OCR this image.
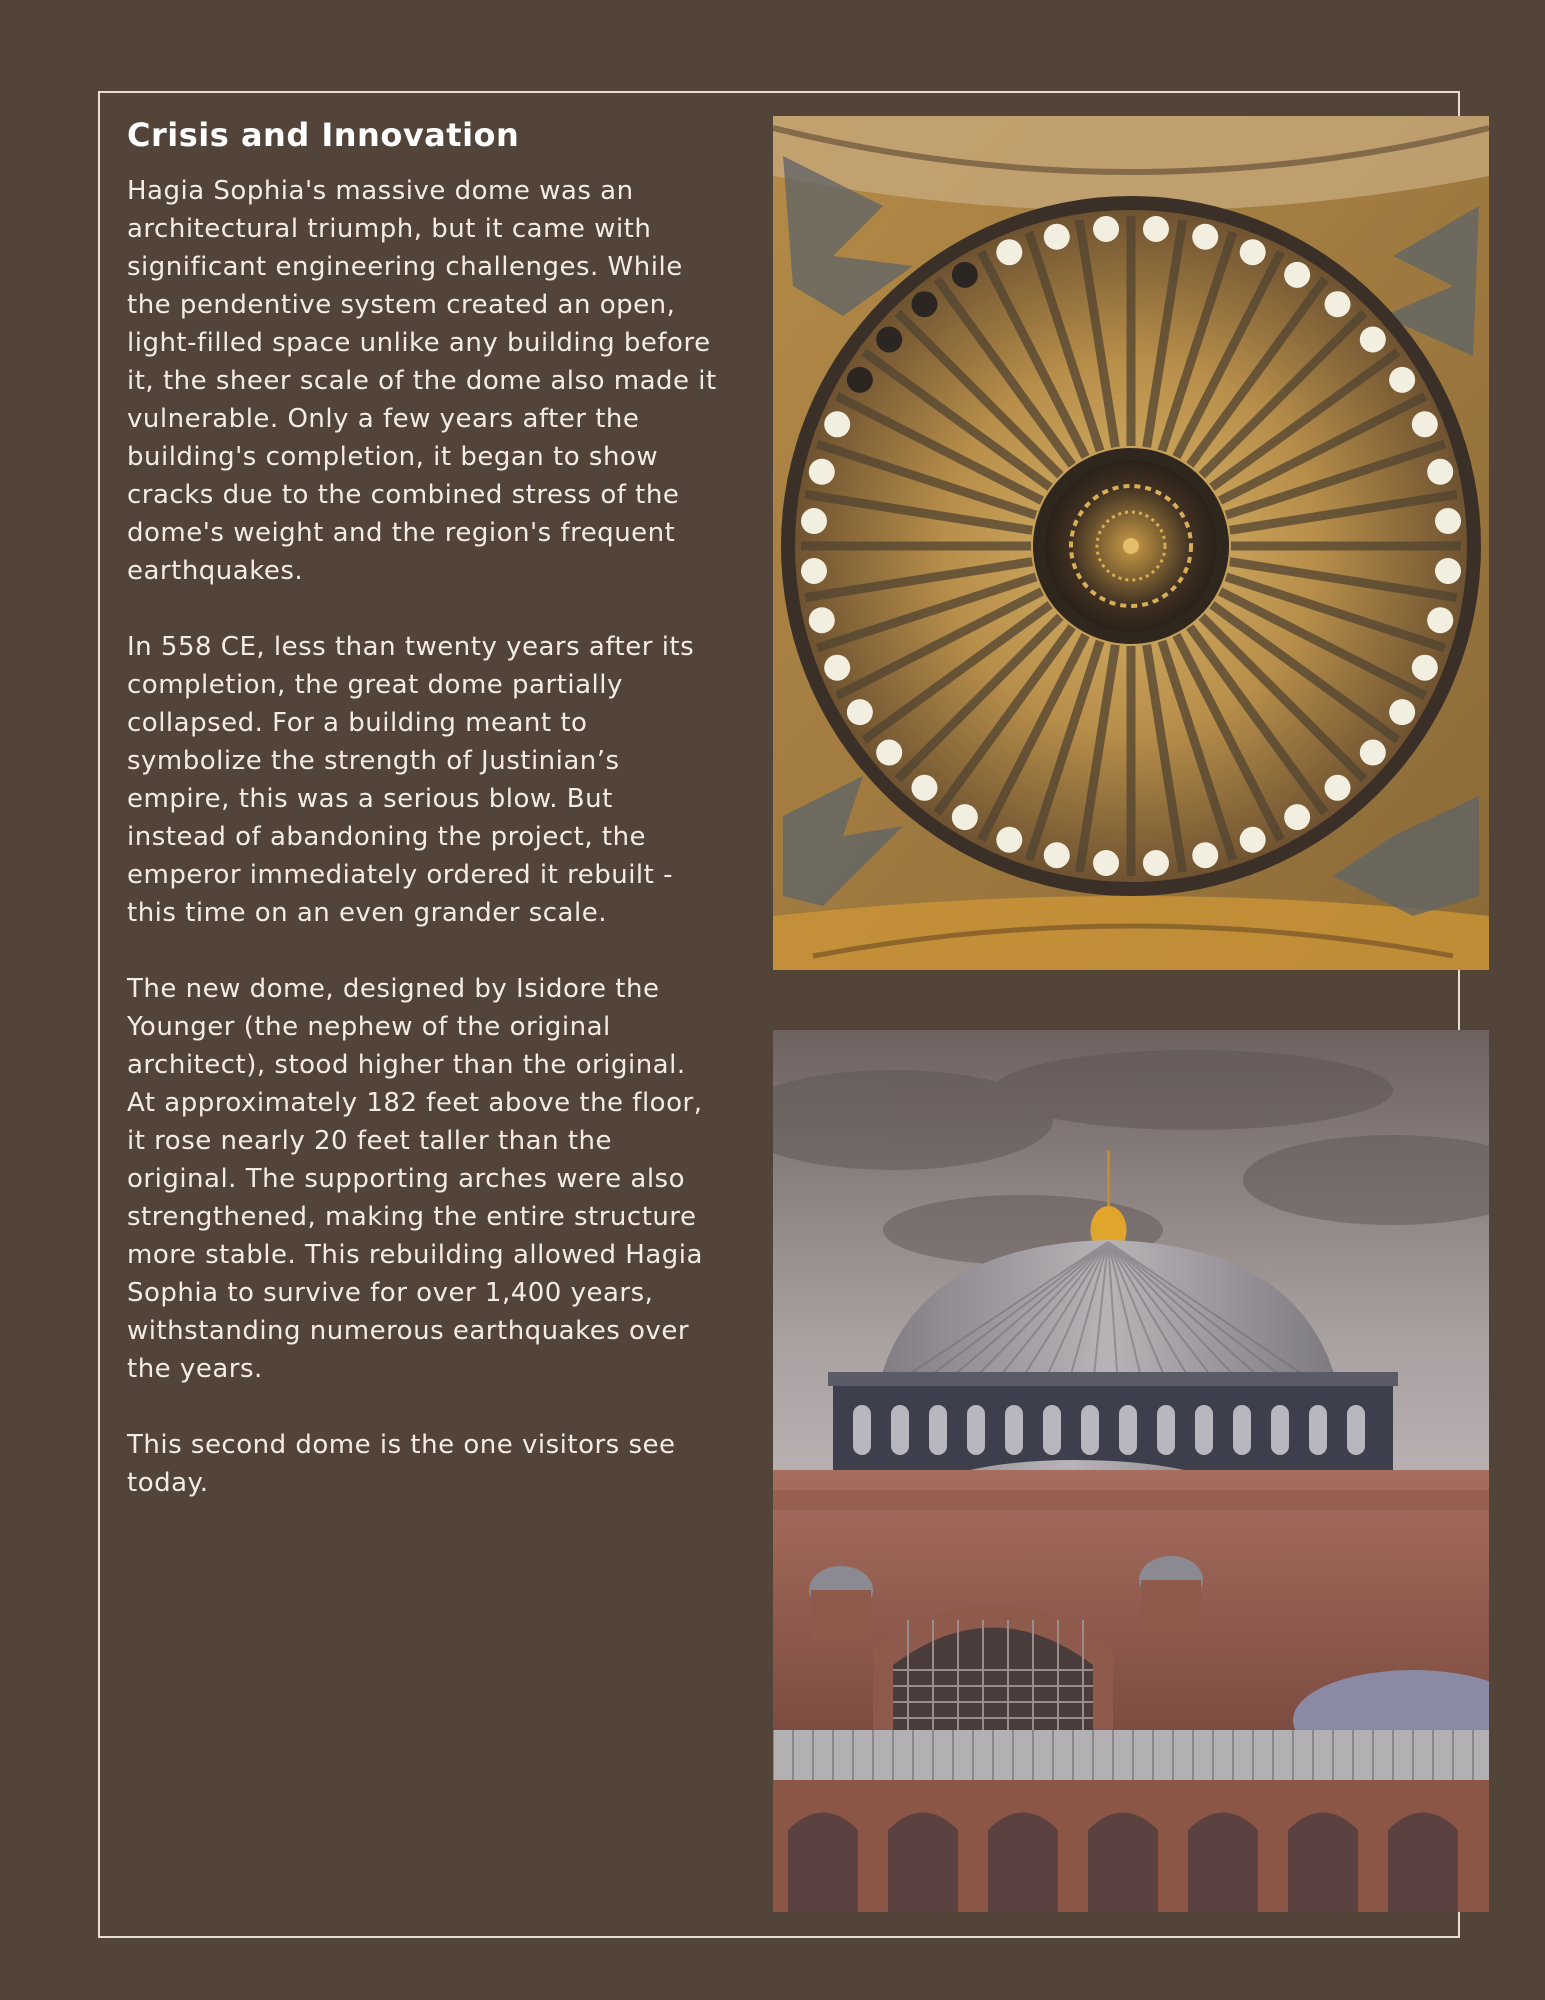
Crisis and Innovation

Hagia Sophia's massive dome was an architectural triumph, but it came with significant engineering challenges. While the pendentive system created an open, light-filled space unlike any building before it, the sheer scale of the dome also made it vulnerable. Only a few years after the building's completion, it began to show cracks due to the combined stress of the dome's weight and the region's frequent earthquakes.

In 558 CE, less than twenty years after its completion, the great dome partially collapsed. For a building meant to symbolize the strength of Justinian’s empire, this was a serious blow. But instead of abandoning the project, the emperor immediately ordered it rebuilt - this time on an even grander scale.

The new dome, designed by Isidore the Younger (the nephew of the original architect), stood higher than the original. At approximately 182 feet above the floor, it rose nearly 20 feet taller than the original. The supporting arches were also strengthened, making the entire structure more stable. This rebuilding allowed Hagia Sophia to survive for over 1,400 years, withstanding numerous earthquakes over the years.

This second dome is the one visitors see today.
